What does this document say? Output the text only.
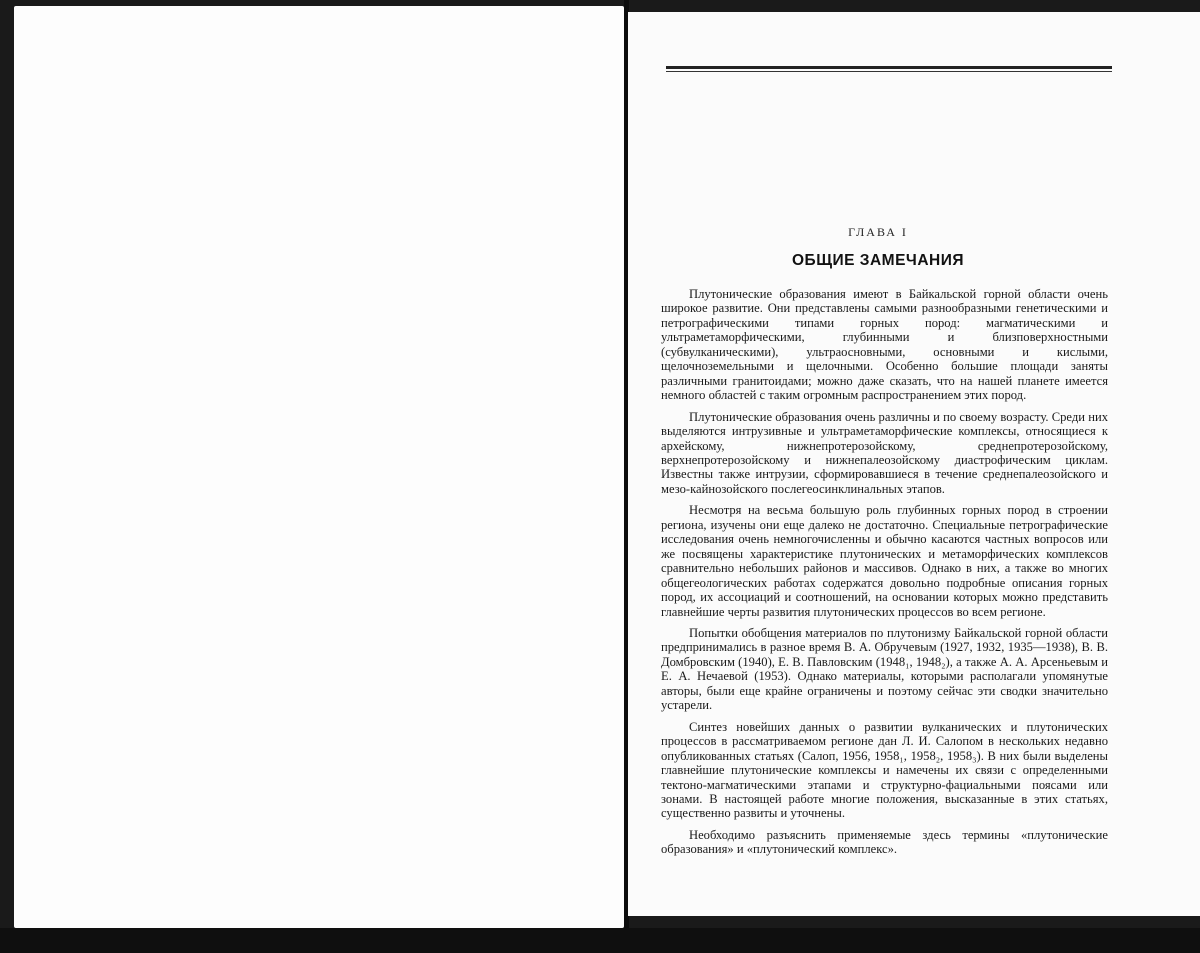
ГЛАВА I
ОБЩИЕ ЗАМЕЧАНИЯ

Плутонические образования имеют в Байкальской горной области очень широкое развитие. Они представлены самыми разнообразными генетическими и петрографическими типами горных пород: магматическими и ультраметаморфическими, глубинными и близповерхностными (субвулканическими), ультраосновными, основными и кислыми, щелочноземельными и щелочными. Особенно большие площади заняты различными гранитоидами; можно даже сказать, что на нашей планете имеется немного областей с таким огромным распространением этих пород.

Плутонические образования очень различны и по своему возрасту. Среди них выделяются интрузивные и ультраметаморфические комплексы, относящиеся к архейскому, нижнепротерозойскому, среднепротерозойскому, верхнепротерозойскому и нижнепалеозойскому диастрофическим циклам. Известны также интрузии, сформировавшиеся в течение среднепалеозойского и мезо-кайнозойского послегеосинклинальных этапов.

Несмотря на весьма большую роль глубинных горных пород в строении региона, изучены они еще далеко не достаточно. Специальные петрографические исследования очень немногочисленны и обычно касаются частных вопросов или же посвящены характеристике плутонических и метаморфических комплексов сравнительно небольших районов и массивов. Однако в них, а также во многих общегеологических работах содержатся довольно подробные описания горных пород, их ассоциаций и соотношений, на основании которых можно представить главнейшие черты развития плутонических процессов во всем регионе.

Попытки обобщения материалов по плутонизму Байкальской горной области предпринимались в разное время В. А. Обручевым (1927, 1932, 1935—1938), В. В. Домбровским (1940), Е. В. Павловским (1948₁, 1948₂), а также А. А. Арсеньевым и Е. А. Нечаевой (1953). Однако материалы, которыми располагали упомянутые авторы, были еще крайне ограничены и поэтому сейчас эти сводки значительно устарели.

Синтез новейших данных о развитии вулканических и плутонических процессов в рассматриваемом регионе дан Л. И. Салопом в нескольких недавно опубликованных статьях (Салоп, 1956, 1958₁, 1958₂, 1958₃). В них были выделены главнейшие плутонические комплексы и намечены их связи с определенными тектоно-магматическими этапами и структурно-фациальными поясами или зонами. В настоящей работе многие положения, высказанные в этих статьях, существенно развиты и уточнены.

Необходимо разъяснить применяемые здесь термины «плутонические образования» и «плутонический комплекс».
